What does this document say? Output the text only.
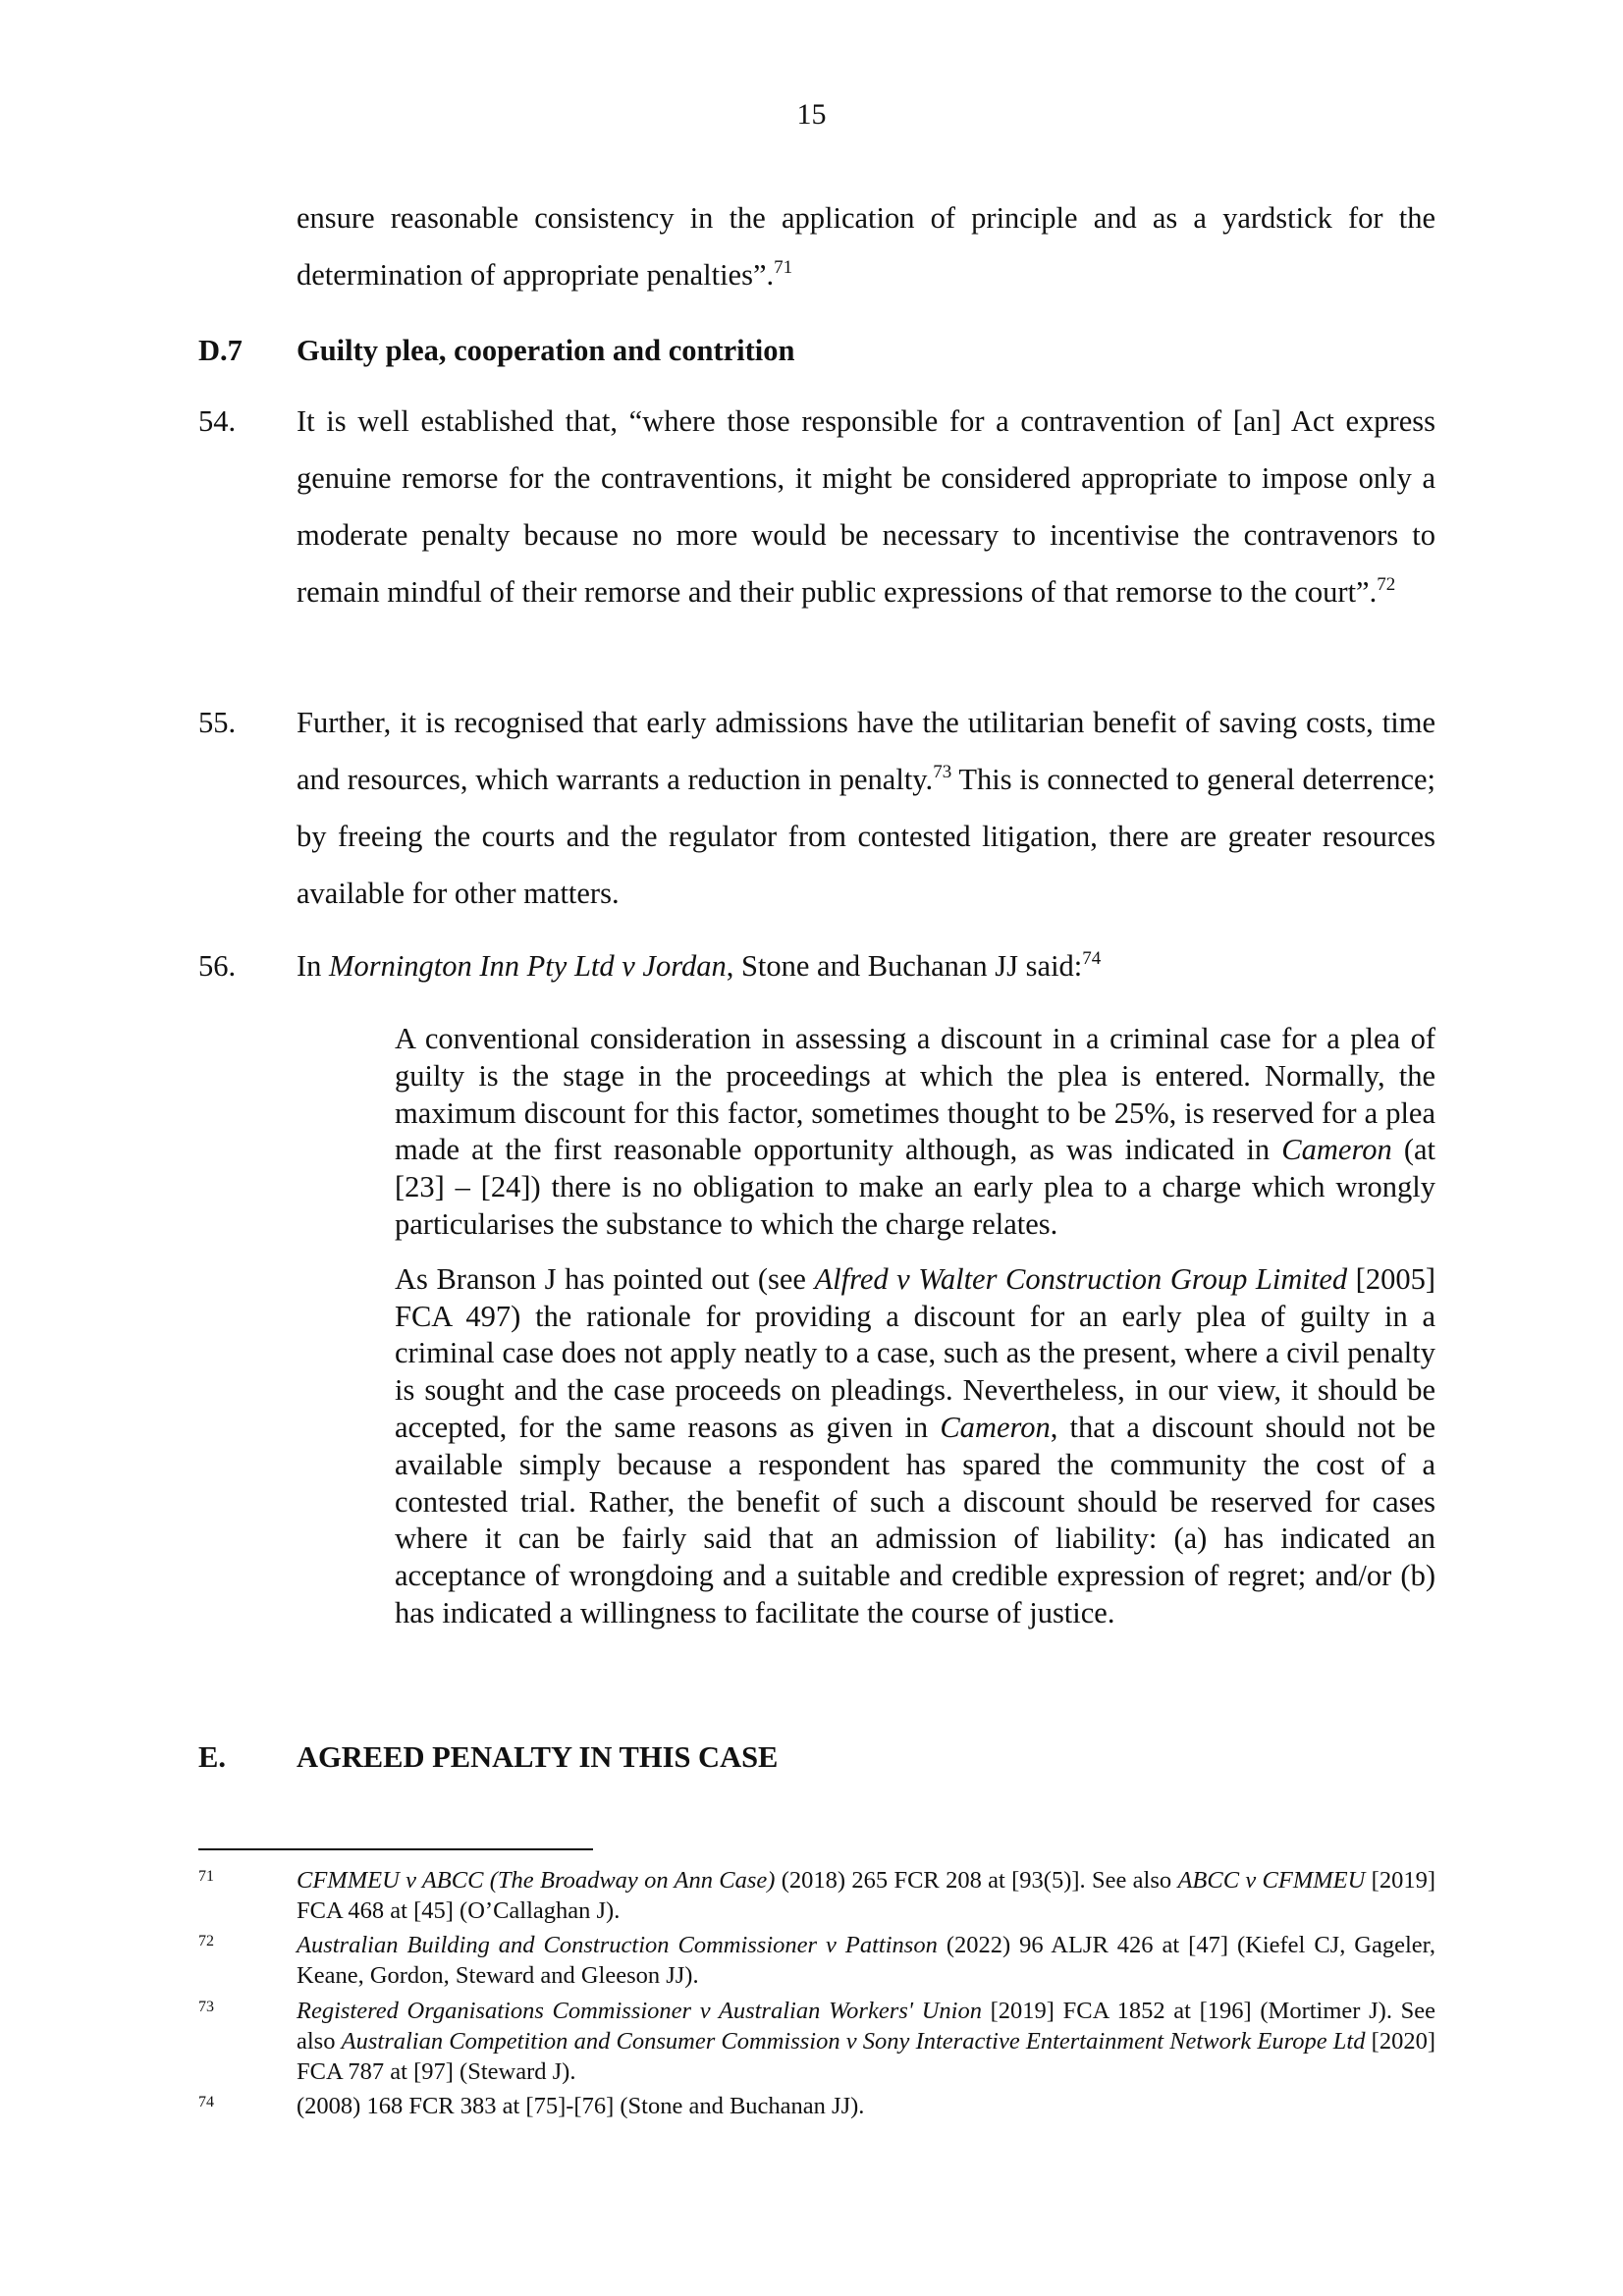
15
ensure reasonable consistency in the application of principle and as a yardstick for the determination of appropriate penalties”.$^{71}$
D.7 Guilty plea, cooperation and contrition
54. It is well established that, “where those responsible for a contravention of [an] Act express genuine remorse for the contraventions, it might be considered appropriate to impose only a moderate penalty because no more would be necessary to incentivise the contravenors to remain mindful of their remorse and their public expressions of that remorse to the court”.$^{72}$
55. Further, it is recognised that early admissions have the utilitarian benefit of saving costs, time and resources, which warrants a reduction in penalty.$^{73}$ This is connected to general deterrence; by freeing the courts and the regulator from contested litigation, there are greater resources available for other matters.
56. In Mornington Inn Pty Ltd v Jordan, Stone and Buchanan JJ said:$^{74}$

A conventional consideration in assessing a discount in a criminal case for a plea of guilty is the stage in the proceedings at which the plea is entered. Normally, the maximum discount for this factor, sometimes thought to be 25%, is reserved for a plea made at the first reasonable opportunity although, as was indicated in Cameron (at [23] – [24]) there is no obligation to make an early plea to a charge which wrongly particularises the substance to which the charge relates.

As Branson J has pointed out (see Alfred v Walter Construction Group Limited [2005] FCA 497) the rationale for providing a discount for an early plea of guilty in a criminal case does not apply neatly to a case, such as the present, where a civil penalty is sought and the case proceeds on pleadings. Nevertheless, in our view, it should be accepted, for the same reasons as given in Cameron, that a discount should not be available simply because a respondent has spared the community the cost of a contested trial. Rather, the benefit of such a discount should be reserved for cases where it can be fairly said that an admission of liability: (a) has indicated an acceptance of wrongdoing and a suitable and credible expression of regret; and/or (b) has indicated a willingness to facilitate the course of justice.

E. AGREED PENALTY IN THIS CASE
71	CFMMEU v ABCC (The Broadway on Ann Case) (2018) 265 FCR 208 at [93(5)]. See also ABCC v CFMMEU [2019] FCA 468 at [45] (O’Callaghan J).
72	Australian Building and Construction Commissioner v Pattinson (2022) 96 ALJR 426 at [47] (Kiefel CJ, Gageler, Keane, Gordon, Steward and Gleeson JJ).
73	Registered Organisations Commissioner v Australian Workers' Union [2019] FCA 1852 at [196] (Mortimer J). See also Australian Competition and Consumer Commission v Sony Interactive Entertainment Network Europe Ltd [2020] FCA 787 at [97] (Steward J).
74	(2008) 168 FCR 383 at [75]-[76] (Stone and Buchanan JJ).
